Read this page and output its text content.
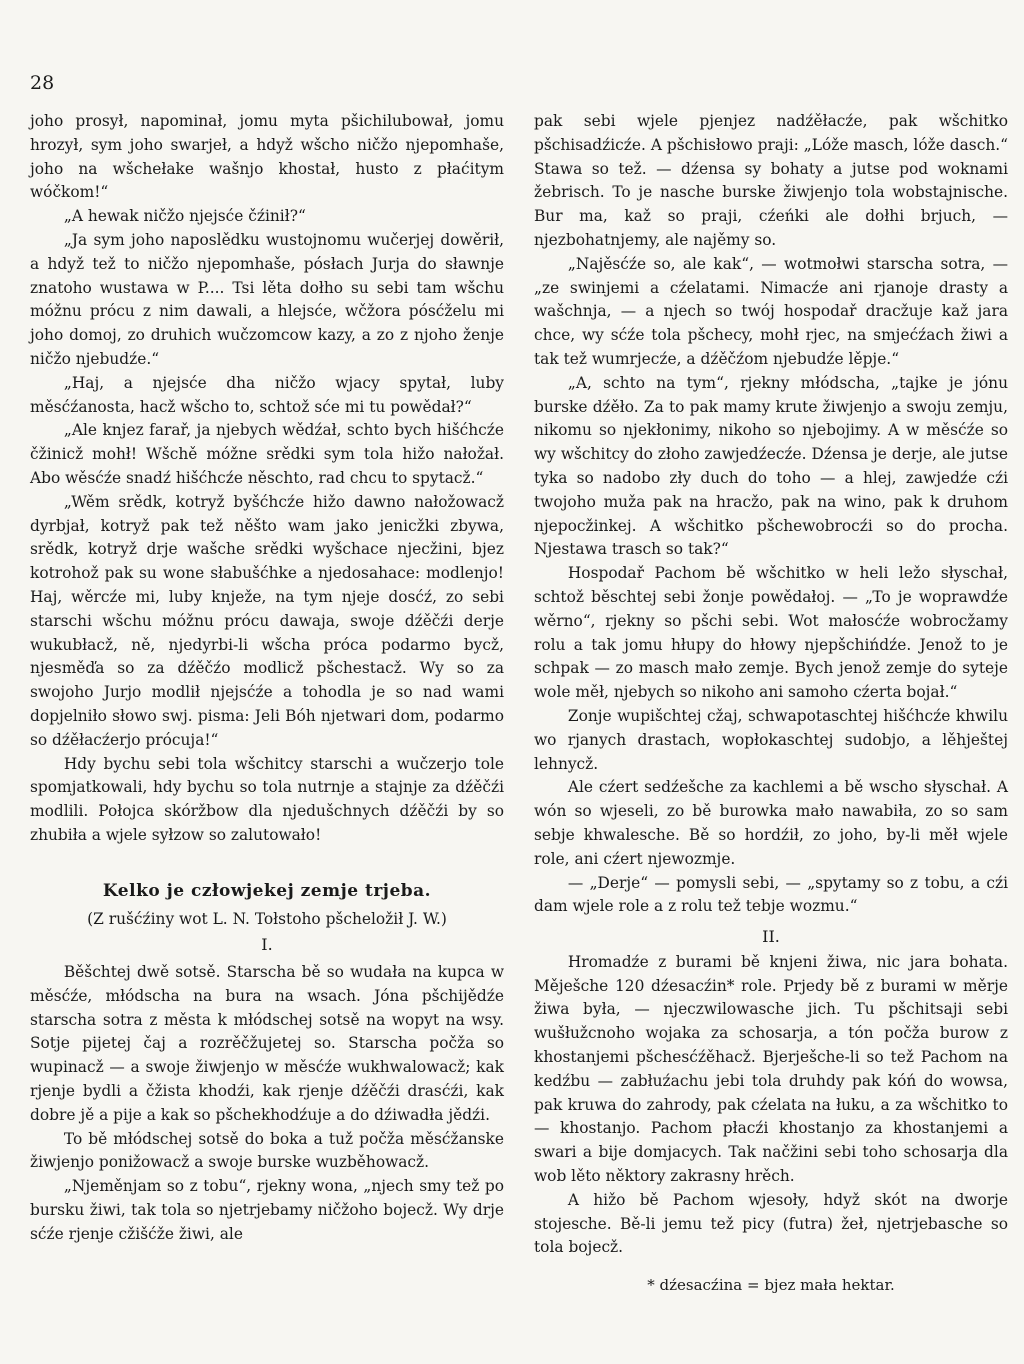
28

joho prosył, napominał, jomu myta pšichilubował, jomu hrozył, sym joho swarjeł, a hdyž wšcho ničžo njepomhaše, joho na wšchełake wašnjo khostał, husto z płaćitym wóčkom!“

„A hewak ničžo njejsće čźinił?“

„Ja sym joho naposlědku wustojnomu wučerjej dowěrił, a hdyž tež to ničžo njepomhaše, pósłach Jurja do sławnje znatoho wustawa w P.... Tsi lěta dołho su sebi tam wšchu móžnu prócu z nim dawali, a hlejsće, wčžora pósćželu mi joho domoj, zo druhich wučzomcow kazy, a zo z njoho ženje ničžo njebudźe.“

„Haj, a njejsće dha ničžo wjacy spytał, luby měsćźanosta, hacž wšcho to, schtož sće mi tu powědał?“

„Ale knjez farař, ja njebych wědźał, schto bych hišćhcźe čžinicž mohł! Wšchě móžne srědki sym tola hižo nałožał. Abo wěsćźe snadź hišćhcźe něschto, rad chcu to spytacž.“

„Wěm srědk, kotryž byšćhcźe hižo dawno nałožowacž dyrbjał, kotryž pak tež něšto wam jako jenicžki zbywa, srědk, kotryž drje wašche srědki wyšchace njecžini, bjez kotrohož pak su wone słabušćhke a njedosahace: modlenjo! Haj, wěrcźe mi, luby knježe, na tym njeje dosćź, zo sebi starschi wšchu móžnu prócu dawaja, swoje dźěčźi derje wukubłacž, ně, njedyrbi-li wšcha próca podarmo bycž, njesměďa so za dźěčźo modlicž pšchestacž. Wy so za swojoho Jurjo modlił njejsćźe a tohodla je so nad wami dopjelniło słowo swj. pisma: Jeli Bóh njetwari dom, podarmo so dźěłacźerjo prócuja!“

Hdy bychu sebi tola wšchitcy starschi a wučzerjo tole spomjatkowali, hdy bychu so tola nutrnje a stajnje za dźěčźi modlili. Połojca skóržbow dla njedušchnych dźěčźi by so zhubiła a wjele syłzow so zalutowało!

Kelko je człowjekej zemje trjeba.
(Z rušćźiny wot L. N. Tołstoho pšcheložił J. W.)
I.

Běšchtej dwě sotsě. Starscha bě so wudała na kupca w měsćźe, młódscha na bura na wsach. Jóna pšchijědźe starscha sotra z města k młódschej sotsě na wopyt na wsy. Sotje pijetej čaj a rozrěčžujetej so. Starscha počža so wupinacž — a swoje žiwjenjo w měsćźe wukhwalowacž; kak rjenje bydli a čžista khodźi, kak rjenje dźěčźi drasćźi, kak dobre jě a pije a kak so pšchekhodźuje a do dźiwadła jědźi.

To bě młódschej sotsě do boka a tuž počža měsćžanske žiwjenjo ponižowacž a swoje burske wuzběhowacž.

„Njeměnjam so z tobu“, rjekny wona, „njech smy tež po bursku žiwi, tak tola so njetrjebamy ničžoho bojecž. Wy drje sćźe rjenje cžišćže žiwi, ale

pak sebi wjele pjenjez nadźěłacźe, pak wšchitko pšchisadźicźe. A pšchisłowo praji: „Lóže masch, lóže dasch.“ Stawa so tež. — dźensa sy bohaty a jutse pod woknami žebrisch. To je nasche burske žiwjenjo tola wobstajnische. Bur ma, kaž so praji, cźeńki ale dołhi brjuch, — njezbohatnjemy, ale najěmy so.

„Najěsćźe so, ale kak“, — wotmołwi starscha sotra, — „ze swinjemi a cźelatami. Nimacźe ani rjanoje drasty a wašchnja, — a njech so twój hospodař dracžuje kaž jara chce, wy sćźe tola pšchecy, mohł rjec, na smjećźach žiwi a tak tež wumrjecźe, a dźěčźom njebudźe lěpje.“

„A, schto na tym“, rjekny młódscha, „tajke je jónu burske dźěło. Za to pak mamy krute žiwjenjo a swoju zemju, nikomu so njekłonimy, nikoho so njebojimy. A w měsćźe so wy wšchitcy do złoho zawjedźecźe. Dźensa je derje, ale jutse tyka so nadobo zły duch do toho — a hlej, zawjedźe cźi twojoho muža pak na hracžo, pak na wino, pak k druhom njepocžinkej. A wšchitko pšchewobrocźi so do procha. Njestawa trasch so tak?“

Hospodař Pachom bě wšchitko w heli ležo słyschał, schtož běschtej sebi žonje powědałoj. — „To je woprawdźe wěrno“, rjekny so pšchi sebi. Wot małosćźe wobrocžamy rolu a tak jomu hłupy do hłowy njepšchińdźe. Jenož to je schpak — zo masch mało zemje. Bych jenož zemje do syteje wole měł, njebych so nikoho ani samoho cźerta bojał.“

Zonje wupišchtej cžaj, schwapotaschtej hišćhcźe khwilu wo rjanych drastach, wopłokaschtej sudobjo, a lěhještej lehnycž.

Ale cźert sedźešche za kachlemi a bě wscho słyschał. A wón so wjeseli, zo bě burowka mało nawabiła, zo so sam sebje khwalesche. Bě so hordźił, zo joho, by-li měł wjele role, ani cźert njewozmje.

— „Derje“ — pomysli sebi, — „spytamy so z tobu, a cźi dam wjele role a z rolu tež tebje wozmu.“

II.

Hromadźe z burami bě knjeni žiwa, nic jara bohata. Měješche 120 dźesacźin* role. Prjedy bě z burami w měrje žiwa była, — njeczwilowasche jich. Tu pšchitsaji sebi wušłužcnoho wojaka za schosarja, a tón počža burow z khostanjemi pšchesćźěhacž. Bjerješche-li so tež Pachom na kedźbu — zabłuźachu jebi tola druhdy pak kóń do wowsa, pak kruwa do zahrody, pak cźelata na łuku, a za wšchitko to — khostanjo. Pachom płacźi khostanjo za khostanjemi a swari a bije domjacych. Tak načžini sebi toho schosarja dla wob lěto něktory zakrasny hrěch.

A hižo bě Pachom wjesoły, hdyž skót na dworje stojesche. Bě-li jemu tež picy (futra) žeł, njetrjebasche so tola bojecž.

* dźesacźina = bjez mała hektar.
